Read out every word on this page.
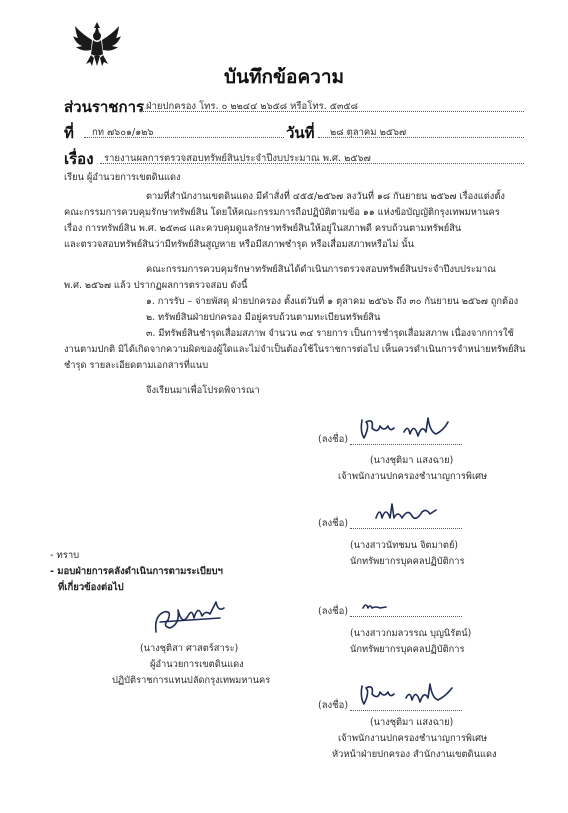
บันทึกข้อความ
ส่วนราชการ ฝ่ายปกครอง โทร. ๐ ๒๒๔๔ ๒๖๕๘ หรือโทร. ๕๓๕๘
ที่ กท ๗๖๐๑/๑๒๖	วันที่ ๒๘ ตุลาคม ๒๕๖๗
เรื่อง รายงานผลการตรวจสอบทรัพย์สินประจำปีงบประมาณ พ.ศ. ๒๕๖๗
เรียน ผู้อำนวยการเขตดินแดง
ตามที่สำนักงานเขตดินแดง มีคำสั่งที่ ๔๕๕/๒๕๖๗ ลงวันที่ ๑๘ กันยายน ๒๕๖๗ เรื่องแต่งตั้ง
คณะกรรมการควบคุมรักษาทรัพย์สิน โดยให้คณะกรรมการถือปฏิบัติตามข้อ ๑๑ แห่งข้อบัญญัติกรุงเทพมหานคร
เรื่อง การทรัพย์สิน พ.ศ. ๒๕๓๘ และควบคุมดูแลรักษาทรัพย์สินให้อยู่ในสภาพดี ครบถ้วนตามทรัพย์สิน
และตรวจสอบทรัพย์สินว่ามีทรัพย์สินสูญหาย หรือมีสภาพชำรุด หรือเสื่อมสภาพหรือไม่ นั้น
คณะกรรมการควบคุมรักษาทรัพย์สินได้ดำเนินการตรวจสอบทรัพย์สินประจำปีงบประมาณ
พ.ศ. ๒๕๖๗ แล้ว ปรากฏผลการตรวจสอบ ดังนี้
๑. การรับ – จ่ายพัสดุ ฝ่ายปกครอง ตั้งแต่วันที่ ๑ ตุลาคม ๒๕๖๖ ถึง ๓๐ กันยายน ๒๕๖๗ ถูกต้อง
๒. ทรัพย์สินฝ่ายปกครอง มีอยู่ครบถ้วนตามทะเบียนทรัพย์สิน
๓. มีทรัพย์สินชำรุดเสื่อมสภาพ จำนวน ๓๔ รายการ เป็นการชำรุดเสื่อมสภาพ เนื่องจากการใช้
งานตามปกติ มิได้เกิดจากความผิดของผู้ใดและไม่จำเป็นต้องใช้ในราชการต่อไป เห็นควรดำเนินการจำหน่ายทรัพย์สิน
ชำรุด รายละเอียดตามเอกสารที่แนบ
จึงเรียนมาเพื่อโปรดพิจารณา
(ลงชื่อ)
(นางชุติมา แสงฉาย)
เจ้าพนักงานปกครองชำนาญการพิเศษ
(ลงชื่อ)
(นางสาวนัทชมน จิตมาตย์)
นักทรัพยากรบุคคลปฏิบัติการ
- ทราบ
- มอบฝ่ายการคลังดำเนินการตามระเบียบฯ
ที่เกี่ยวข้องต่อไป
(นางชุติสา ศาสตร์สาระ)
ผู้อำนวยการเขตดินแดง
ปฏิบัติราชการแทนปลัดกรุงเทพมหานคร
(ลงชื่อ)
(นางสาวกมลวรรณ บุญนิรัตน์)
นักทรัพยากรบุคคลปฏิบัติการ
(ลงชื่อ)
(นางชุติมา แสงฉาย)
เจ้าพนักงานปกครองชำนาญการพิเศษ
หัวหน้าฝ่ายปกครอง สำนักงานเขตดินแดง
